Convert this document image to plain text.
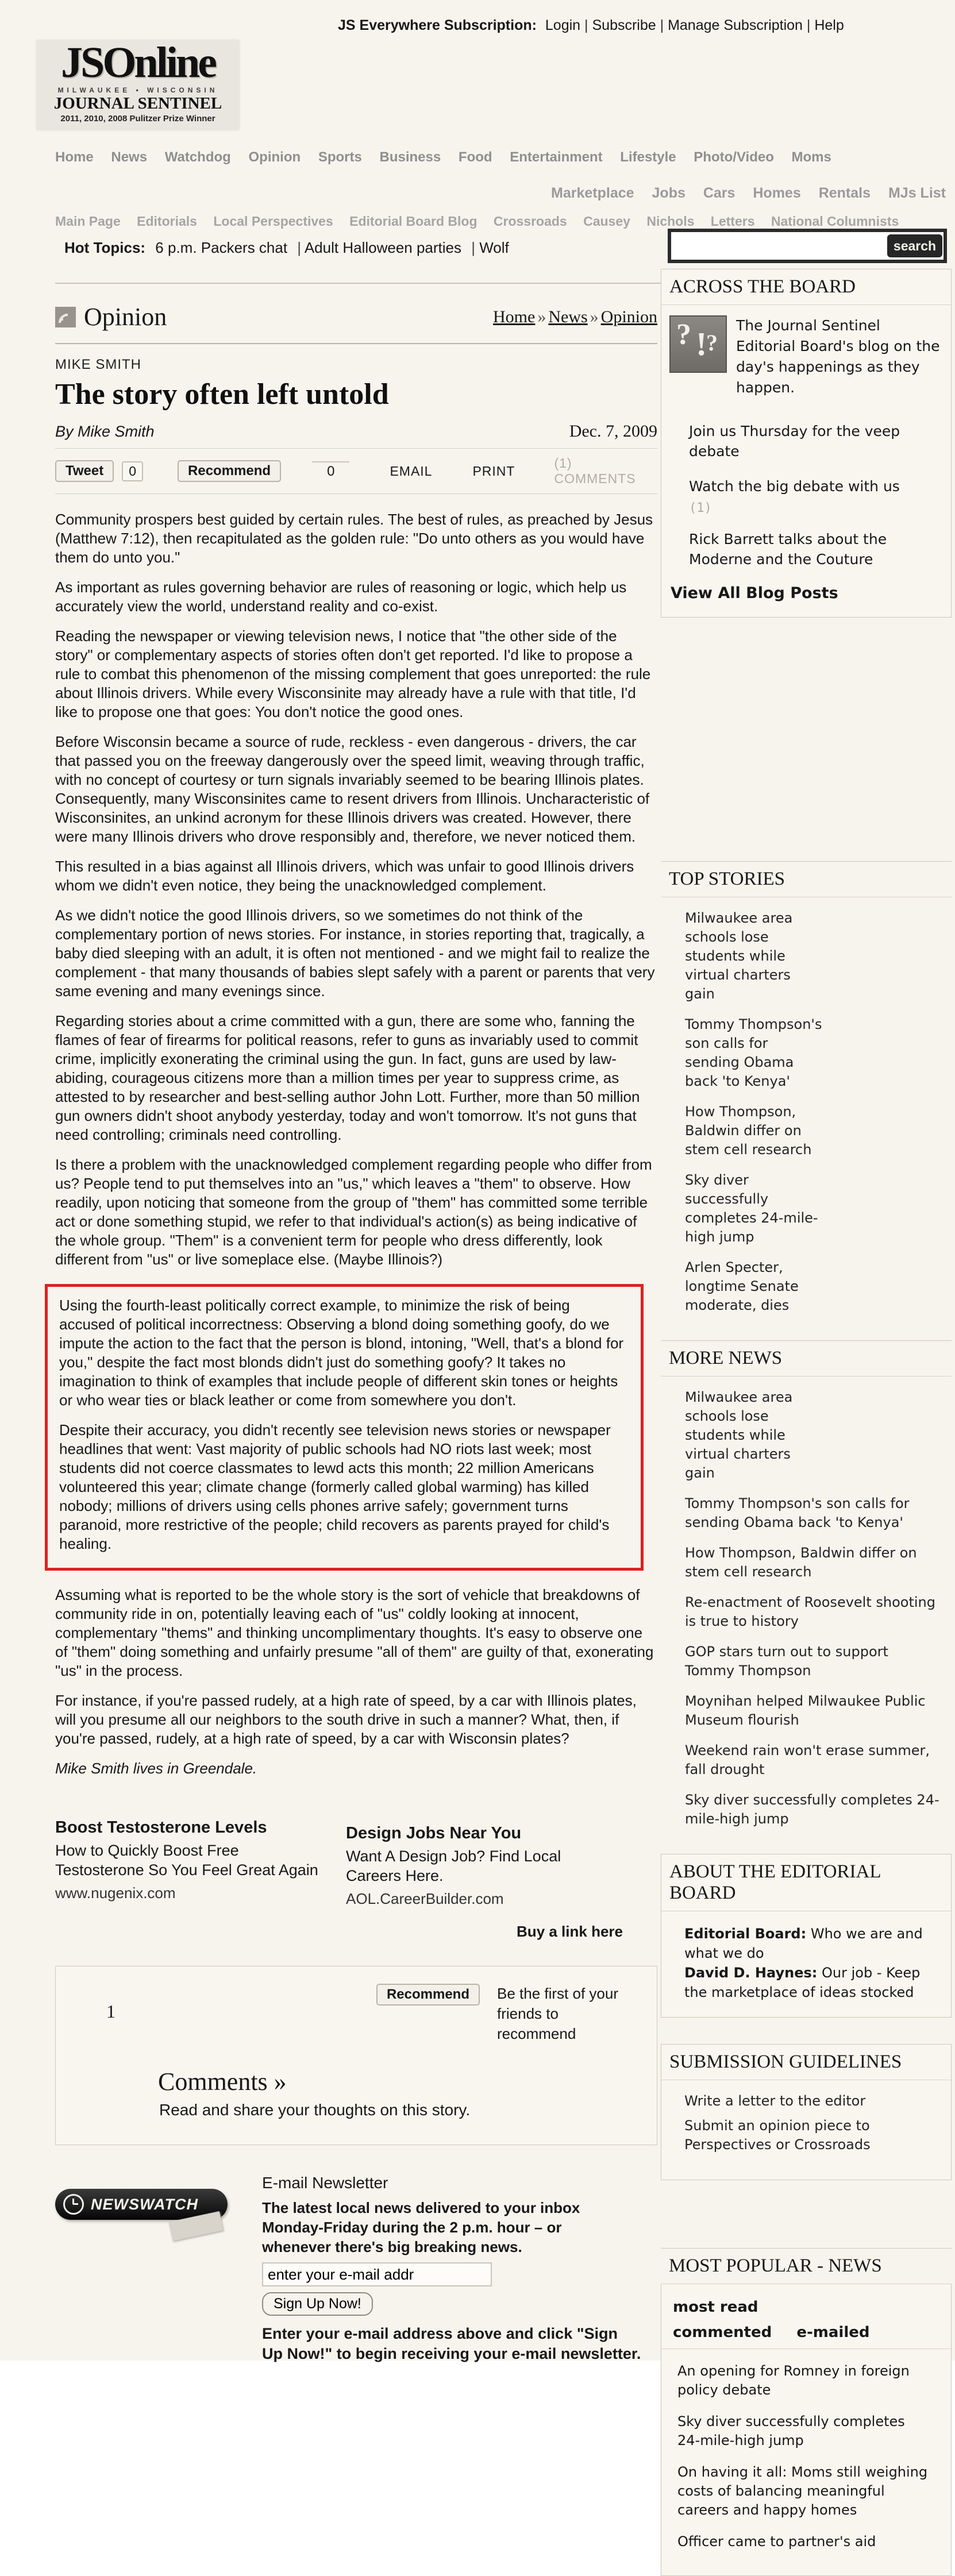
JS Everywhere Subscription: Login | Subscribe | Manage Subscription | Help
JSOnline
MILWAUKEE • WISCONSIN
JOURNAL SENTINEL
2011, 2010, 2008 Pulitzer Prize Winner
Home News Watchdog Opinion Sports Business Food Entertainment Lifestyle Photo/Video Moms
Marketplace Jobs Cars Homes Rentals MJs List
Main Page Editorials Local Perspectives Editorial Board Blog Crossroads Causey Nichols Letters National Columnists
Hot Topics: 6 p.m. Packers chat | Adult Halloween parties | Wolf	search
Opinion	Home » News » Opinion
MIKE SMITH
The story often left untold
By Mike Smith	Dec. 7, 2009
Tweet	0	Recommend	0	EMAIL	PRINT
(1) COMMENTS

Community prospers best guided by certain rules. The best of rules, as preached by Jesus (Matthew 7:12), then recapitulated as the golden rule: "Do unto others as you would have them do unto you."

As important as rules governing behavior are rules of reasoning or logic, which help us accurately view the world, understand reality and co-exist.

Reading the newspaper or viewing television news, I notice that "the other side of the story" or complementary aspects of stories often don't get reported. I'd like to propose a rule to combat this phenomenon of the missing complement that goes unreported: the rule about Illinois drivers. While every Wisconsinite may already have a rule with that title, I'd like to propose one that goes: You don't notice the good ones.

Before Wisconsin became a source of rude, reckless - even dangerous - drivers, the car that passed you on the freeway dangerously over the speed limit, weaving through traffic, with no concept of courtesy or turn signals invariably seemed to be bearing Illinois plates. Consequently, many Wisconsinites came to resent drivers from Illinois. Uncharacteristic of Wisconsinites, an unkind acronym for these Illinois drivers was created. However, there were many Illinois drivers who drove responsibly and, therefore, we never noticed them.

This resulted in a bias against all Illinois drivers, which was unfair to good Illinois drivers whom we didn't even notice, they being the unacknowledged complement.

As we didn't notice the good Illinois drivers, so we sometimes do not think of the complementary portion of news stories. For instance, in stories reporting that, tragically, a baby died sleeping with an adult, it is often not mentioned - and we might fail to realize the complement - that many thousands of babies slept safely with a parent or parents that very same evening and many evenings since.

Regarding stories about a crime committed with a gun, there are some who, fanning the flames of fear of firearms for political reasons, refer to guns as invariably used to commit crime, implicitly exonerating the criminal using the gun. In fact, guns are used by law-abiding, courageous citizens more than a million times per year to suppress crime, as attested to by researcher and best-selling author John Lott. Further, more than 50 million gun owners didn't shoot anybody yesterday, today and won't tomorrow. It's not guns that need controlling; criminals need controlling.

Is there a problem with the unacknowledged complement regarding people who differ from us? People tend to put themselves into an "us," which leaves a "them" to observe. How readily, upon noticing that someone from the group of "them" has committed some terrible act or done something stupid, we refer to that individual's action(s) as being indicative of the whole group. "Them" is a convenient term for people who dress differently, look different from "us" or live someplace else. (Maybe Illinois?)

Using the fourth-least politically correct example, to minimize the risk of being accused of political incorrectness: Observing a blond doing something goofy, do we impute the action to the fact that the person is blond, intoning, "Well, that's a blond for you," despite the fact most blonds didn't just do something goofy? It takes no imagination to think of examples that include people of different skin tones or heights or who wear ties or black leather or come from somewhere you don't.

Despite their accuracy, you didn't recently see television news stories or newspaper headlines that went: Vast majority of public schools had NO riots last week; most students did not coerce classmates to lewd acts this month; 22 million Americans volunteered this year; climate change (formerly called global warming) has killed nobody; millions of drivers using cells phones arrive safely; government turns paranoid, more restrictive of the people; child recovers as parents prayed for child's healing.

Assuming what is reported to be the whole story is the sort of vehicle that breakdowns of community ride in on, potentially leaving each of "us" coldly looking at innocent, complementary "thems" and thinking uncomplimentary thoughts. It's easy to observe one of "them" doing something and unfairly presume "all of them" are guilty of that, exonerating "us" in the process.

For instance, if you're passed rudely, at a high rate of speed, by a car with Illinois plates, will you presume all our neighbors to the south drive in such a manner? What, then, if you're passed, rudely, at a high rate of speed, by a car with Wisconsin plates?

Mike Smith lives in Greendale.

Boost Testosterone Levels

How to Quickly Boost Free Testosterone So You Feel Great Again

www.nugenix.com
Design Jobs Near You

Want A Design Job? Find Local Careers Here.

AOL.CareerBuilder.com
Buy a link here
1
Recommend	Be the first of your friends to recommend
Comments »

Read and share your thoughts on this story.

NEWSWATCH
E-mail Newsletter

The latest local news delivered to your inbox Monday-Friday during the 2 p.m. hour – or whenever there's big breaking news.

enter your e-mail addr
Sign Up Now!

Enter your e-mail address above and click "Sign Up Now!" to begin receiving your e-mail newsletter.

ACROSS THE BOARD
? !
?
The Journal Sentinel Editorial Board's blog on the day's happenings as they happen.
Join us Thursday for the veep debate
Watch the big debate with us
(1)
Rick Barrett talks about the Moderne and the Couture
View All Blog Posts
TOP STORIES
Milwaukee area schools lose students while virtual charters gain
Tommy Thompson's son calls for sending Obama back 'to Kenya'
How Thompson, Baldwin differ on stem cell research
Sky diver successfully completes 24-mile-high jump
Arlen Specter, longtime Senate moderate, dies
MORE NEWS
Milwaukee area schools lose students while virtual charters gain
Tommy Thompson's son calls for sending Obama back 'to Kenya'
How Thompson, Baldwin differ on stem cell research
Re-enactment of Roosevelt shooting is true to history
GOP stars turn out to support Tommy Thompson
Moynihan helped Milwaukee Public Museum flourish
Weekend rain won't erase summer, fall drought
Sky diver successfully completes 24-mile-high jump
ABOUT THE EDITORIAL BOARD
Editorial Board: Who we are and what we do
David D. Haynes: Our job - Keep the marketplace of ideas stocked
SUBMISSION GUIDELINES
Write a letter to the editor
Submit an opinion piece to Perspectives or Crossroads
MOST POPULAR - NEWS
most read commented e-mailed
An opening for Romney in foreign policy debate
Sky diver successfully completes 24-mile-high jump
On having it all: Moms still weighing costs of balancing meaningful careers and happy homes
Officer came to partner's aid
